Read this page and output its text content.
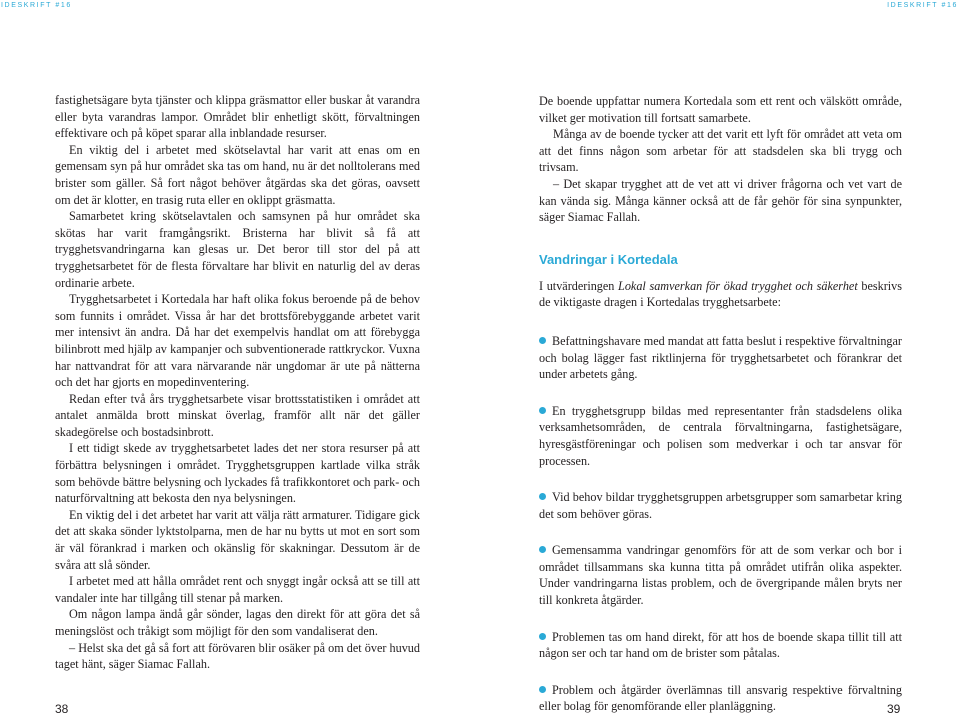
IDESKRIFT #16	IDESKRIFT #16

fastighetsägare byta tjänster och klippa gräsmattor eller buskar åt varandra eller byta varandras lampor. Området blir enhetligt skött, förvaltningen effektivare och på köpet sparar alla inblandade resurser.

En viktig del i arbetet med skötselavtal har varit att enas om en gemensam syn på hur området ska tas om hand, nu är det nolltolerans med brister som gäller. Så fort något behöver åtgärdas ska det göras, oavsett om det är klotter, en trasig ruta eller en oklippt gräsmatta.

Samarbetet kring skötselavtalen och samsynen på hur området ska skötas har varit framgångsrikt. Bristerna har blivit så få att trygghetsvandringarna kan glesas ur. Det beror till stor del på att trygghetsarbetet för de flesta förvaltare har blivit en naturlig del av deras ordinarie arbete.

Trygghetsarbetet i Kortedala har haft olika fokus beroende på de behov som funnits i området. Vissa år har det brottsförebyggande arbetet varit mer intensivt än andra. Då har det exempelvis handlat om att förebygga bilinbrott med hjälp av kampanjer och subventionerade rattkryckor. Vuxna har nattvandrat för att vara närvarande när ungdomar är ute på nätterna och det har gjorts en mopedinventering.

Redan efter två års trygghetsarbete visar brottsstatistiken i området att antalet anmälda brott minskat överlag, framför allt när det gäller skadegörelse och bostadsinbrott.

I ett tidigt skede av trygghetsarbetet lades det ner stora resurser på att förbättra belysningen i området. Trygghetsgruppen kartlade vilka stråk som behövde bättre belysning och lyckades få trafikkontoret och park- och naturförvaltning att bekosta den nya belysningen.

En viktig del i det arbetet har varit att välja rätt armaturer. Tidigare gick det att skaka sönder lyktstolparna, men de har nu bytts ut mot en sort som är väl förankrad i marken och okänslig för skakningar. Dessutom är de svåra att slå sönder.

I arbetet med att hålla området rent och snyggt ingår också att se till att vandaler inte har tillgång till stenar på marken.

Om någon lampa ändå går sönder, lagas den direkt för att göra det så meningslöst och tråkigt som möjligt för den som vandaliserat den.

– Helst ska det gå så fort att förövaren blir osäker på om det över huvud taget hänt, säger Siamac Fallah.

De boende uppfattar numera Kortedala som ett rent och välskött område, vilket ger motivation till fortsatt samarbete.

Många av de boende tycker att det varit ett lyft för området att veta om att det finns någon som arbetar för att stadsdelen ska bli trygg och trivsam.

– Det skapar trygghet att de vet att vi driver frågorna och vet vart de kan vända sig. Många känner också att de får gehör för sina synpunkter, säger Siamac Fallah.

Vandringar i Kortedala

I utvärderingen Lokal samverkan för ökad trygghet och säkerhet beskrivs de viktigaste dragen i Kortedalas trygghetsarbete:

Befattningshavare med mandat att fatta beslut i respektive förvaltningar och bolag lägger fast riktlinjerna för trygghetsarbetet och förankrar det under arbetets gång.
En trygghetsgrupp bildas med representanter från stadsdelens olika verksamhetsområden, de centrala förvaltningarna, fastighetsägare, hyresgästföreningar och polisen som medverkar i och tar ansvar för processen.
Vid behov bildar trygghetsgruppen arbetsgrupper som samarbetar kring det som behöver göras.
Gemensamma vandringar genomförs för att de som verkar och bor i området tillsammans ska kunna titta på området utifrån olika aspekter. Under vandringarna listas problem, och de övergripande målen bryts ner till konkreta åtgärder.
Problemen tas om hand direkt, för att hos de boende skapa tillit till att någon ser och tar hand om de brister som påtalas.
Problem och åtgärder överlämnas till ansvarig respektive förvaltning eller bolag för genomförande eller planläggning.
38	39
